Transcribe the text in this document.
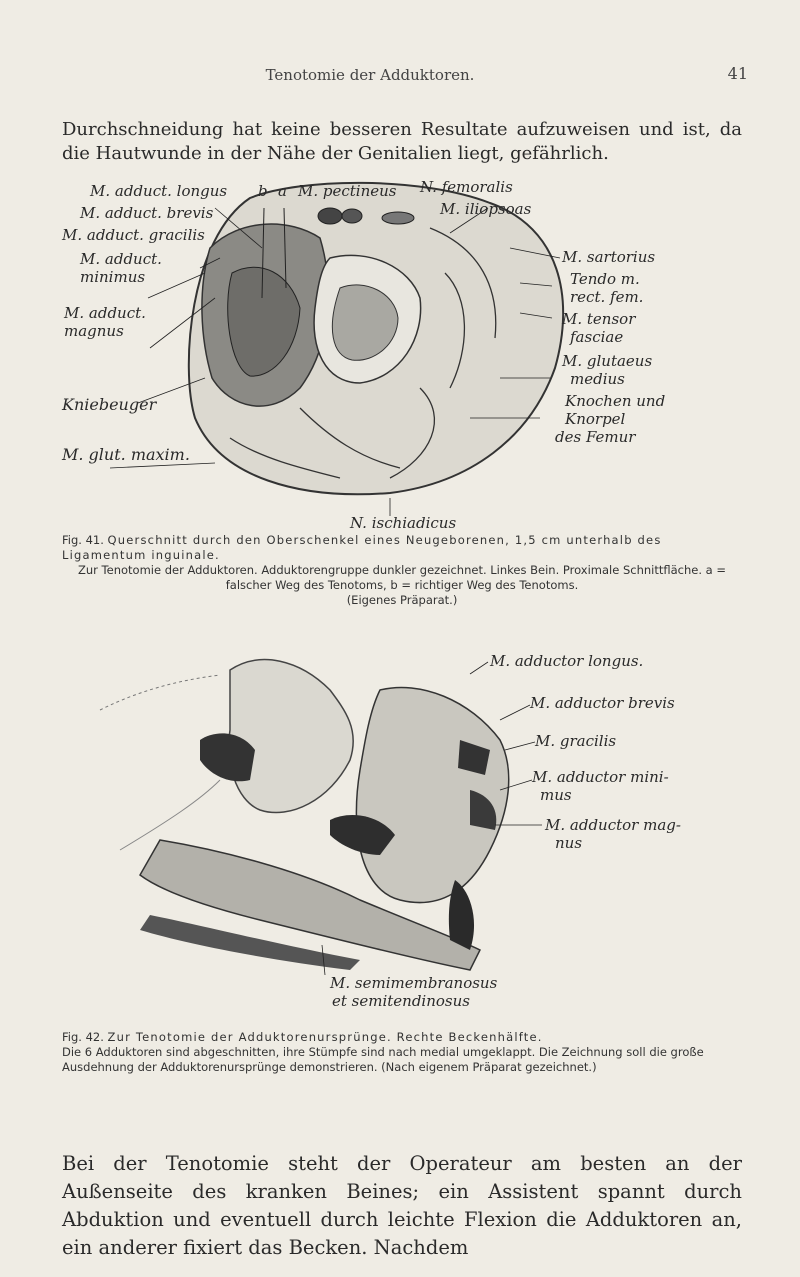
Tenotomie der Adduktoren.	41
Durchschneidung hat keine besseren Resultate aufzuweisen und ist, da die Hautwunde in der Nähe der Genitalien liegt, gefährlich.
M. adduct. longus b a M. pectineus N. femoralis
M. iliopsoas
M. adduct. brevis
M. adduct. gracilis
M. adduct.
minimus
M. adduct.
magnus
Kniebeuger
M. glut. maxim.
M. sartorius
Tendo m.
rect. fem.
M. tensor
fasciae
M. glutaeus
medius
Knochen und
Knorpel
des Femur
N. ischiadicus
Fig. 41. Querschnitt durch den Oberschenkel eines Neugeborenen, 1,5 cm unterhalb des Ligamentum inguinale.
Zur Tenotomie der Adduktoren. Adduktorengruppe dunkler gezeichnet. Linkes Bein. Proximale Schnittfläche. a = falscher Weg des Tenotoms, b = richtiger Weg des Tenotoms.
(Eigenes Präparat.)
M. adductor longus.
M. adductor brevis
M. gracilis
M. adductor mini-
mus
M. adductor mag-
nus
M. semimembranosus
et semitendinosus
Fig. 42. Zur Tenotomie der Adduktorenursprünge. Rechte Beckenhälfte.
Die 6 Adduktoren sind abgeschnitten, ihre Stümpfe sind nach medial umgeklappt. Die Zeichnung soll die große Ausdehnung der Adduktorenursprünge demonstrieren. (Nach eigenem Präparat gezeichnet.)
Bei der Tenotomie steht der Operateur am besten an der Außenseite des kranken Beines; ein Assistent spannt durch Abduktion und eventuell durch leichte Flexion die Adduktoren an, ein anderer fixiert das Becken. Nachdem
